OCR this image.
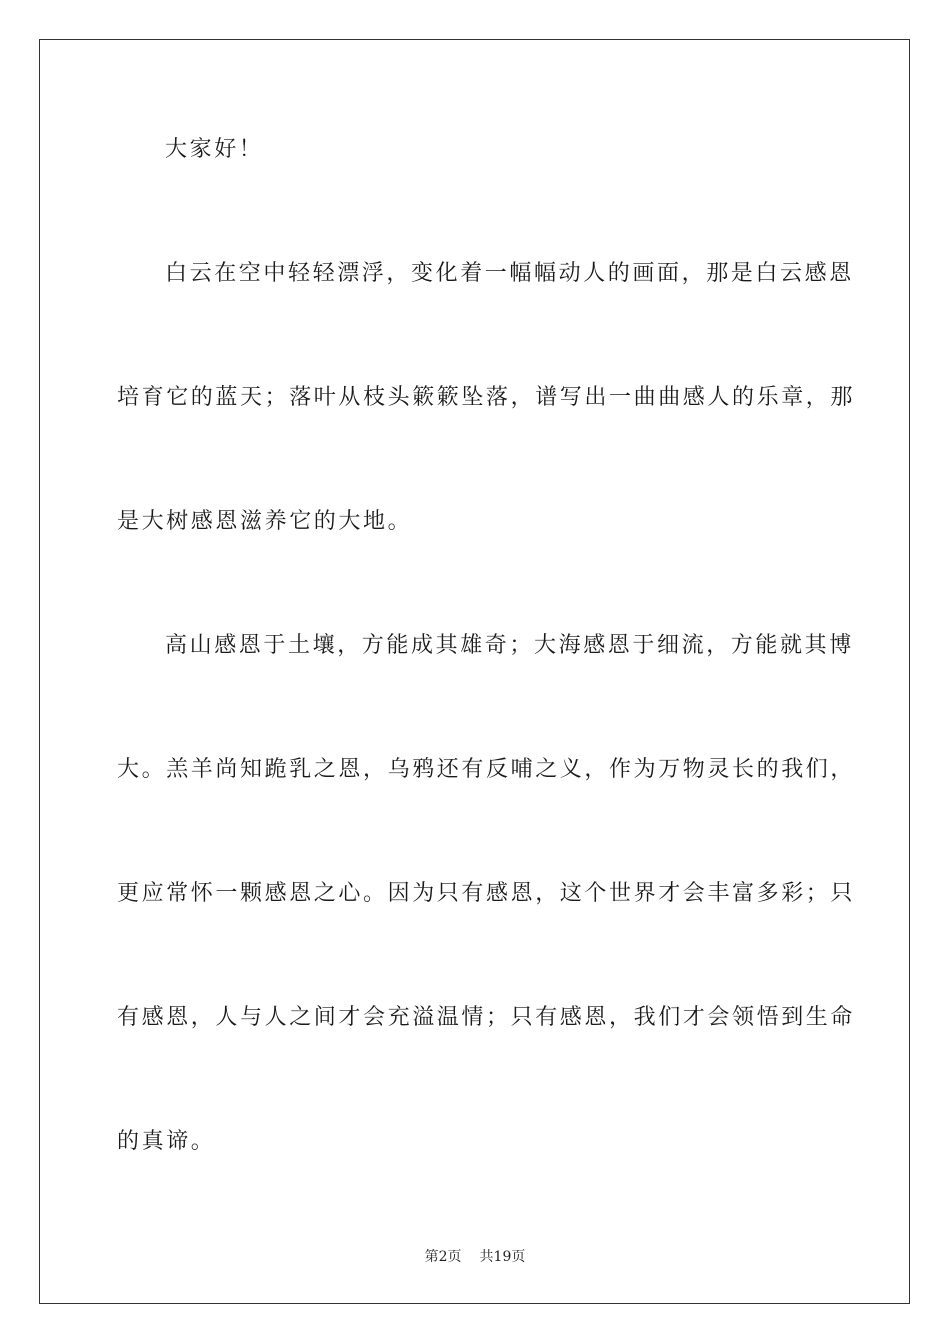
大家好！
白云在空中轻轻漂浮，变化着一幅幅动人的画面，那是白云感恩
培育它的蓝天；落叶从枝头簌簌坠落，谱写出一曲曲感人的乐章，那
是大树感恩滋养它的大地。
高山感恩于土壤，方能成其雄奇；大海感恩于细流，方能就其博
大。羔羊尚知跪乳之恩，乌鸦还有反哺之义，作为万物灵长的我们，
更应常怀一颗感恩之心。因为只有感恩，这个世界才会丰富多彩；只
有感恩，人与人之间才会充溢温情；只有感恩，我们才会领悟到生命
的真谛。
第2页 共19页
